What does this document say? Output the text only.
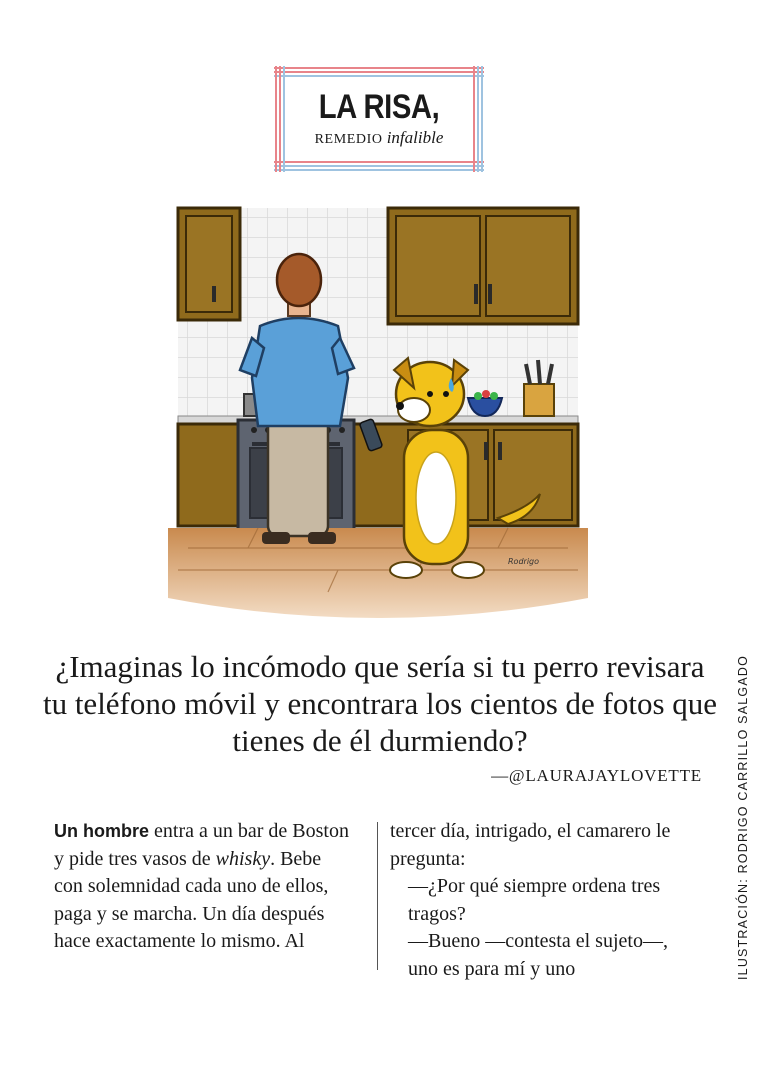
LA RISA,
REMEDIO infalible
Rodrigo
¿Imaginas lo incómodo que sería si tu perro revisara tu teléfono móvil y encontrara los cientos de fotos que tienes de él durmiendo?
—@LAURAJAYLOVETTE

Un hombre entra a un bar de Boston y pide tres vasos de whisky. Bebe con solemnidad cada uno de ellos, paga y se marcha. Un día después hace exactamente lo mismo. Al

tercer día, intrigado, el camarero le pregunta:

—¿Por qué siempre ordena tres tragos?

—Bueno —contesta el sujeto—, uno es para mí y uno	ILUSTRACIÓN: RODRIGO CARRILLO SALGADO
